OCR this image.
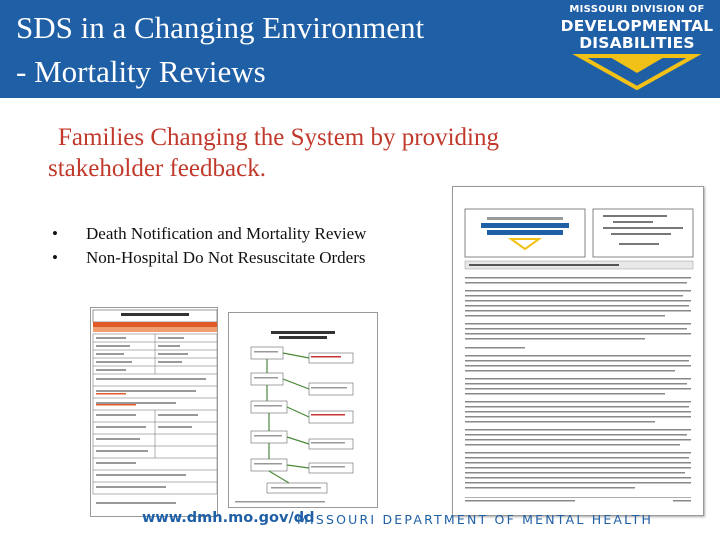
SDS in a Changing Environment
- Mortality Reviews
MISSOURI DIVISION OF
DEVELOPMENTAL
DISABILITIES
Families Changing the System by providing
stakeholder feedback.
• Death Notification and Mortality Review
• Non-Hospital Do Not Resuscitate Orders
www.dmh.mo.gov/dd
MISSOURI DEPARTMENT OF MENTAL HEALTH
